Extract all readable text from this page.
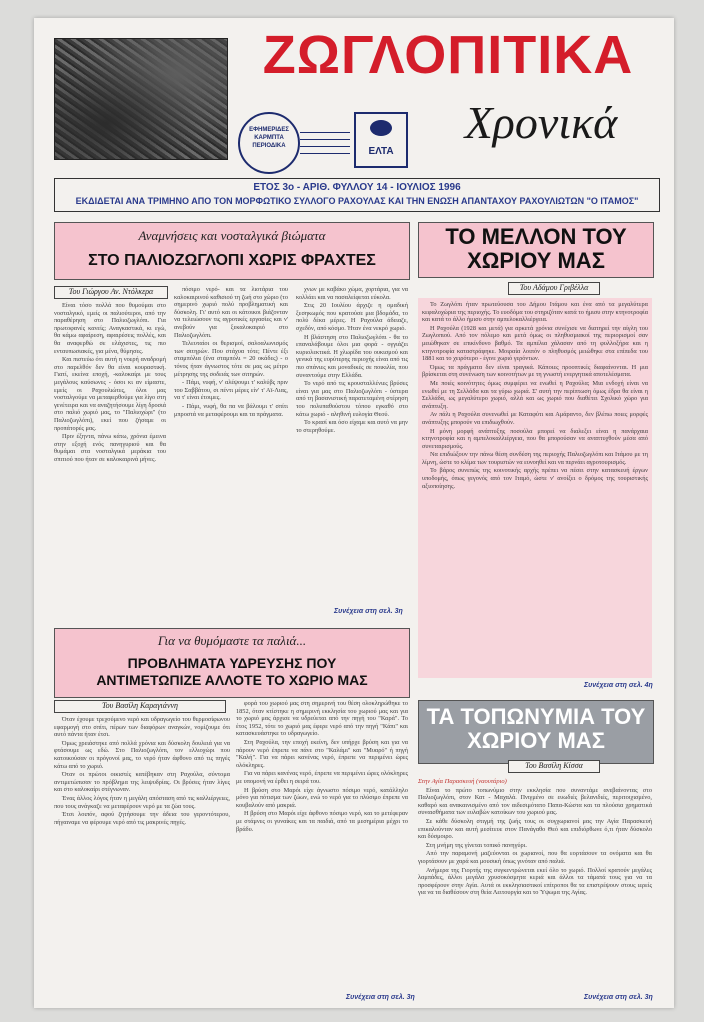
ΖΩΓΛΟΠΙΤΙΚΑ
ΕΦΗΜΕΡΙΔΕΣ
ΚΑΡΜΠΤΑ
ΠΕΡΙΟΔΙΚΑ	ΕΛΤΑ
Χρονικά
ΕΤΟΣ 3ο - ΑΡΙΘ. ΦΥΛΛΟΥ 14 - ΙΟΥΛΙΟΣ 1996
ΕΚΔΙΔΕΤΑΙ ΑΝΑ ΤΡΙΜΗΝΟ ΑΠΟ ΤΟΝ ΜΟΡΦΩΤΙΚΟ ΣΥΛΛΟΓΟ ΡΑΧΟΥΛΑΣ ΚΑΙ ΤΗΝ ΕΝΩΣΗ ΑΠΑΝΤΑΧΟΥ ΡΑΧΟΥΛΙΩΤΩΝ "Ο ΙΤΑΜΟΣ"
Αναμνήσεις και νοσταλγικά βιώματα
ΣΤΟ ΠΑΛΙΟΖΩΓΛΟΠΙ ΧΩΡΙΣ ΦΡΑΧΤΕΣ
Του Γιώργου Αν. Ντόλκερα

Είναι τόσο πολλά που θυμούμαι στο νοσταλγικό, εμείς οι παλιούτεροι, από την παραθέρηση στο Παλιοζωγλόπι. Για πρωτοφανές κανείς; Αναγκαστικά, κι εγώ, θα κάμω αφαίρεση, αφαιρέσεις πολλές, και θα αναφερθώ σε ελάχιστες, τις πιο ενταυπωσιακές, για μένα, θύμησες.

Και πιστεύω ότι αυτή η νοερή αναδρομή στο παρελθόν δεν θα είναι κουραστική. Γιατί, εκείνα εποχή, -καλοκαίρι με τους μεγάλους καύσωνες - όσοι κι αν είμαστε, εμείς οι Ραχουλιώτες, όλοι μας νοσταλγούμε να μεταφερθούμε για λίγο στη γενέτειρα και να αναζητήσουμε λίγη δροσιά στο παλιό χωριό μας, το "Παλιοχώρι" (το Παλιοζωγλόπι), εκεί που ζήσαμε οι προπάτορές μας.

Πριν έξηντα, πάνω κάτω, χρόνια έμεινα στην εξοχή ενός πανηγυριού και θα θυμάμαι στα νοσταλγικά μεράκια του σπιτιού που ήταν σε καλοκαιρινά μήνες.

πόσιμο νερό- και τα λιοτάρια του καλοκαιρινού καθισιού τη ζωή στο χώριο (το σημερινό χωριό πολύ προβληματική και δύσκολη. Γι' αυτό και οι κάτοικοι βιάζονταν να τελειώσουν τις αγροτικές εργασίες και ν' ανεβούν για ξεκαλοκαιριό στο Παλιοζωγλόπι.

Τελευταίοι οι θερισμοί, σαλοαλωνισμός των σιτηρών. Που στάχυα τότε; Πέντε έξι σταμπόλια (ένα σταμπόλι = 20 οκάδες) - ο τόνος ήταν άγνωστος τότε σε μας ως μέτρο μέτρησης της σοδειάς των σιτηρών.

- Πάμι, νυφή, ν' αλέψουμι τ' καλύβς πριν του Σαββάτου, σι πέντι μέρες είν' τ' Αϊ-Λιας, να τ' είναι έτοιμες.

- Πάμι, νυφή, θα πα να βάλουμι τ' σπίτι μπροστά να μεταφέρουμι και τα πράγματα.

χνων με καβάκο χώμα, χορτάρια, για να κολλάει και να πασαλείφεται εύκολα.

Στις 20 Ιουλίου άρχιζε η ομαδική ξεσηκωμός που κρατούσε μια βδομάδα, το πολύ δέκα μέρες. Η Ραχούλα άδειαζε, σχεδόν, από κόσμο. Ήταν ένα νεκρό χωριό.

Η βλάστηση στο Παλιοζωγλόπι - θα το επαναλάβουμε όλοι μια φορά - ογγιάζει κυριολεκτικά. Η χλωρίδα του ουκισμού και γενικά της ευρύτερης περιοχής είναι από τις πιο σπάνιες και μοναδικές σε ποικιλία, που συναντούμε στην Ελλάδα.

Το νερό από τις κρουσταλλένιες βρύσες είναι για μας στο Παλιοζωγλόπι - ύστερα από τη βασανιστική παρατεταμένη στέρηση του πολυπαθούστου τόπου εγκαθό στο κάτω χωριό - αληθινή ευλογία Θεού.

Το κρασί και όσο είχαμε και αυτό να μην το στερηθούμε.

Συνέχεια στη σελ. 3η
ΤΟ ΜΕΛΛΟΝ ΤΟΥ ΧΩΡΙΟΥ ΜΑΣ
Του Αδάμου Γριβέλλα

Το Ζωγλόπι ήταν πρωτεύουσα του Δήμου Ιτάμου και ένα από τα μεγαλύτερα κεφαλοχώρια της περιοχής. Το ευοδόμα του στηριζόταν κατά το ήμισυ στην κτηνοτροφία και κατά το άλλο ήμισυ στην αμπελοκαλλιέργεια.

Η Ραχούλα (1928 και μετά) για αρκετά χρόνια συνέχισε να διατηρεί την αίγλη του Ζωγλοπιού. Από τον πόλεμο και μετά όμως οι πληθυσμιακοί της περιορισμοί σαν μειώθηκαν σε επικίνδυνο βαθμό. Τα αμπέλια χάλασαν από τη φυλλοξήρα και η κτηνοτροφία καταστράφηκε. Μοιραία λοιπόν ο πληθυσμός μειώθηκε στα επίπεδα του 1881 και το χειρότερο - έγινε χωριό γερόντων.

Όμως τα πράγματα δεν είναι τραγικά. Κάποιες προοπτικές διαφαίνονται. Η μια βρίσκεται στη συνένωση των κοινοτήτων με τη γνωστή ενεργητικά αποτελέσματα.

Με ποιές κοινότητες όμως συμφέρει να ενωθεί η Ραχούλα; Μια ενδοχή είναι να ενωθεί με τη Σελλάδα και τα γύρω χωριά. Σ' αυτή την περίπτωση όμως έδρα θα είναι η Σελλάδα, ως μεγαλύτερο χωριό, αλλά και ως χωριό που διαθέτει Σχολικό χώρο για ανάπτυξη.

Αν πάλι η Ραχούλα συνενωθεί με Καταφύτι και Αμάραντο, δεν βλέπω ποιες μορφές ανάπτυξης μπορούν να επιδιωχθούν.

Η μόνη μορφή ανάπτυξης ποσούλα μπορεί να διαλεξει είναι η πανάρχαια κτηνοτροφία και η αμπελοκαλλιέργεια, που θα μπορούσαν να αναπτυχθούν μέσα από συνεταιρισμούς.

Να επιδιώξουν την πάνω θέση συνδέση της περιοχής Παλιοζωγλόπι και Ιτάμου με τη λίμνη, ώστε το κλίμα των τουριστών να ευνοηθεί και να περνάει αγροτουρισμός.

Το βάρος συνεπώς της κοινοτικής αρχής πρέπει να πέσει στην κατασκευή έργων υποδομής, όπως γεγονός από τον Ιταμό, ώστε ν' ανοίξει ο δρόμος της τουριστικής αξιοποίησης.

Συνέχεια στη σελ. 4η
Για να θυμόμαστε τα παλιά...
ΠΡΟΒΛΗΜΑΤΑ ΥΔΡΕΥΣΗΣ ΠΟΥ ΑΝΤΙΜΕΤΩΠΙΖΕ ΑΛΛΟΤΕ ΤΟ ΧΩΡΙΟ ΜΑΣ
Του Βασίλη Καραγιάννη

Όταν έχουμε τρεχούμενο νερό και υδραγωγείο του θερμοσίφωνου εφαρμογή στο σπίτι, πέρων των διαφόρων αναγκών, νομίζουμε ότι αυτό πάντα ήταν έτσι.

Όμως χρειάστηκε από πολλά χρόνια και δύσκολη δουλειά για να φτάσουμε ως εδώ. Στο Παλιοζωγλόπι, τον ελλιοχώρι που κατοικούσαν οι πρόγονοί μας, το νερό ήταν άφθονο από τις πηγές κάτω από το χωριό.

Όταν οι πρώτοι οικιστές κατέβηκαν στη Ραχούλα, σύντομα αντιμετώπισαν το πρόβλημα της λειψυδρίας. Οι βρύσες ήταν λίγες και στο καλοκαίρι στέγνωναν.

Ένας άλλος λόγος ήταν η μεγάλη απόσταση από τις καλλιέργειες, που τους ανάγκαζε να μεταφέρουν νερό με τα ζώα τους.

Έτσι λοιπόν, αφού ζητήσουμε την άδεια του γεροντότερου, πήγαιναμε να φέρουμε νερό από τις μακρινές πηγές.

φορά του χωριού μας στη σημερινή του θέση ολοκληρώθηκε το 1852, όταν κτίστηκε η σημερινή εκκλησία του χωριού μας και για το χωριό μας άρχισε να υδρεύεται από την πηγή του "Καρά". Το έτος 1952, τότε το χωριό μας έφερε νερό από την πηγή "Κάπι" και κατασκευάστηκε το υδραγωγείο.

Στη Ραχούλα, την εποχή εκείνη, δεν υπήρχε βρύση και για να πάρουν νερό έπρεπε να πάνε στο "Καλάμι" και "Μυαρό" ή πηγή "Καλή". Για να πάρει κανένας νερό, έπρεπε να περιμένει ώρες ολόκληρες.

Για να πάρει κανένας νερό, έπρεπε να περιμένει ώρες ολόκληρες με υπομονή να έρθει η σειρά του.

Η βρύση στο Μαρόι είχε άγνωστο πόσιμο νερό, κατάλληλο μόνο για πότισμα των ζώων, ενώ το νερό για το πλύσιμο έπρεπε να κουβαλούν από μακριά.

Η βρύση στο Μαρόι είχε άφθονο πόσιμο νερό, και το μετέφεραν με στάμνες οι γυναίκες και τα παιδιά, από τα μεσημέρια μέχρι το βράδυ.

Συνέχεια στη σελ. 3η
ΤΑ ΤΟΠΩΝΥΜΙΑ ΤΟΥ ΧΩΡΙΟΥ ΜΑΣ
Του Βασίλη Κίσσα

Στην Αγία Παρασκευή (ναουτάριο)

Είναι το πρώτο τοπωνύμιο στην εκκλησία που συναντάμε ανεβαίνοντας στο Παλιοζωγλόπι, στον Κατ - Μαχαλά. Πνιγμένο σε ευωδιές βελανιδιές, περιτοιχισμένο, καθαρό και ανακαινισμένο από τον αιδεσιμότατο Παπα-Κώστα και τα πλούσια χρηματικά συναισθήματα των ευλαβών κατοίκων του χωριού μας.

Σε κάθε δύσκολη στιγμή της ζωής τους οι συγχωριανοί μας την Αγία Παρασκευή επικαλούνταν και αυτή μεσίτευε στον Πανάγαθο Θεό και επιδιόρθωνε ό,τι ήταν δύσκολο και δύσμοιρο.

Στη μνήμη της γίνεται τοπικό πανηγύρι.

Από την παραμονή μαζεύονται οι χωριανοί, που θα εορτάσουν τα ονόματα και θα γιορτάσουν με χαρά και μουσική όπως γινόταν από παλιά.

Ανήμερα της Γιορτής της συγκεντρώνεται εκεί όλο το χωριό. Πολλοί κρατούν μεγάλες λαμπάδες, άλλοι μεγάλα χρυσοκόσμητα κεριά και άλλοι τα τάματά τους για να τα προσφέρουν στην Αγία. Αυτά οι εκκλησιαστικοί επίτροποι θα τα επιστρέψουν στους ιερείς για να τα διαθέσουν στη θεία Λειτουργία και το Ύψωμα της Αγίας.

Συνέχεια στη σελ. 3η
